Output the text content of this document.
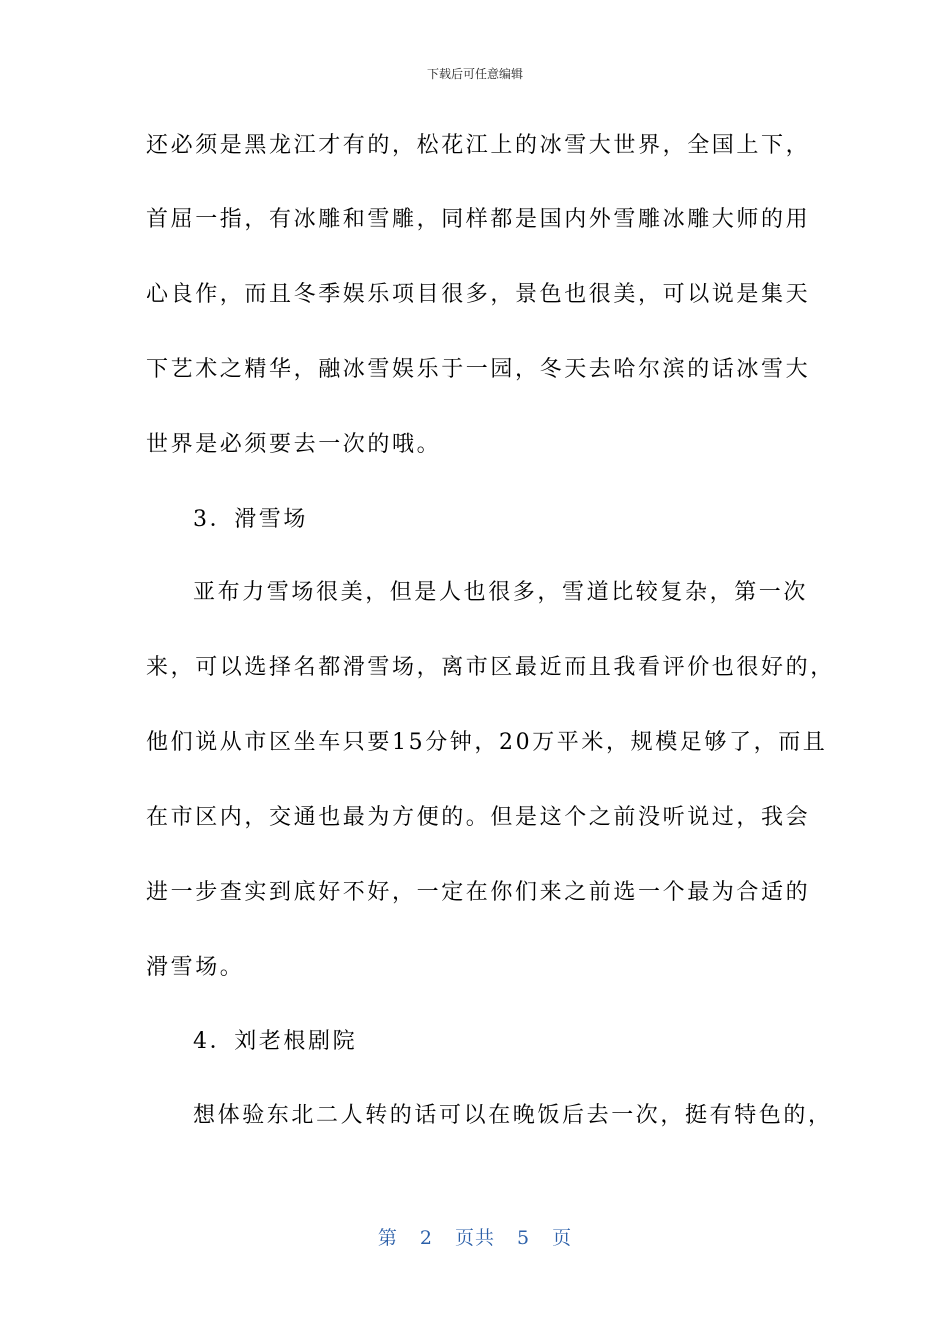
下载后可任意编辑
还必须是黑龙江才有的，松花江上的冰雪大世界，全国上下，
首屈一指，有冰雕和雪雕，同样都是国内外雪雕冰雕大师的用
心良作，而且冬季娱乐项目很多，景色也很美，可以说是集天
下艺术之精华，融冰雪娱乐于一园，冬天去哈尔滨的话冰雪大
世界是必须要去一次的哦。
3．滑雪场
亚布力雪场很美，但是人也很多，雪道比较复杂，第一次
来，可以选择名都滑雪场，离市区最近而且我看评价也很好的，
他们说从市区坐车只要15分钟，20万平米，规模足够了，而且
在市区内，交通也最为方便的。但是这个之前没听说过，我会
进一步查实到底好不好，一定在你们来之前选一个最为合适的
滑雪场。
4．刘老根剧院
想体验东北二人转的话可以在晚饭后去一次，挺有特色的，
第 2 页共 5 页
